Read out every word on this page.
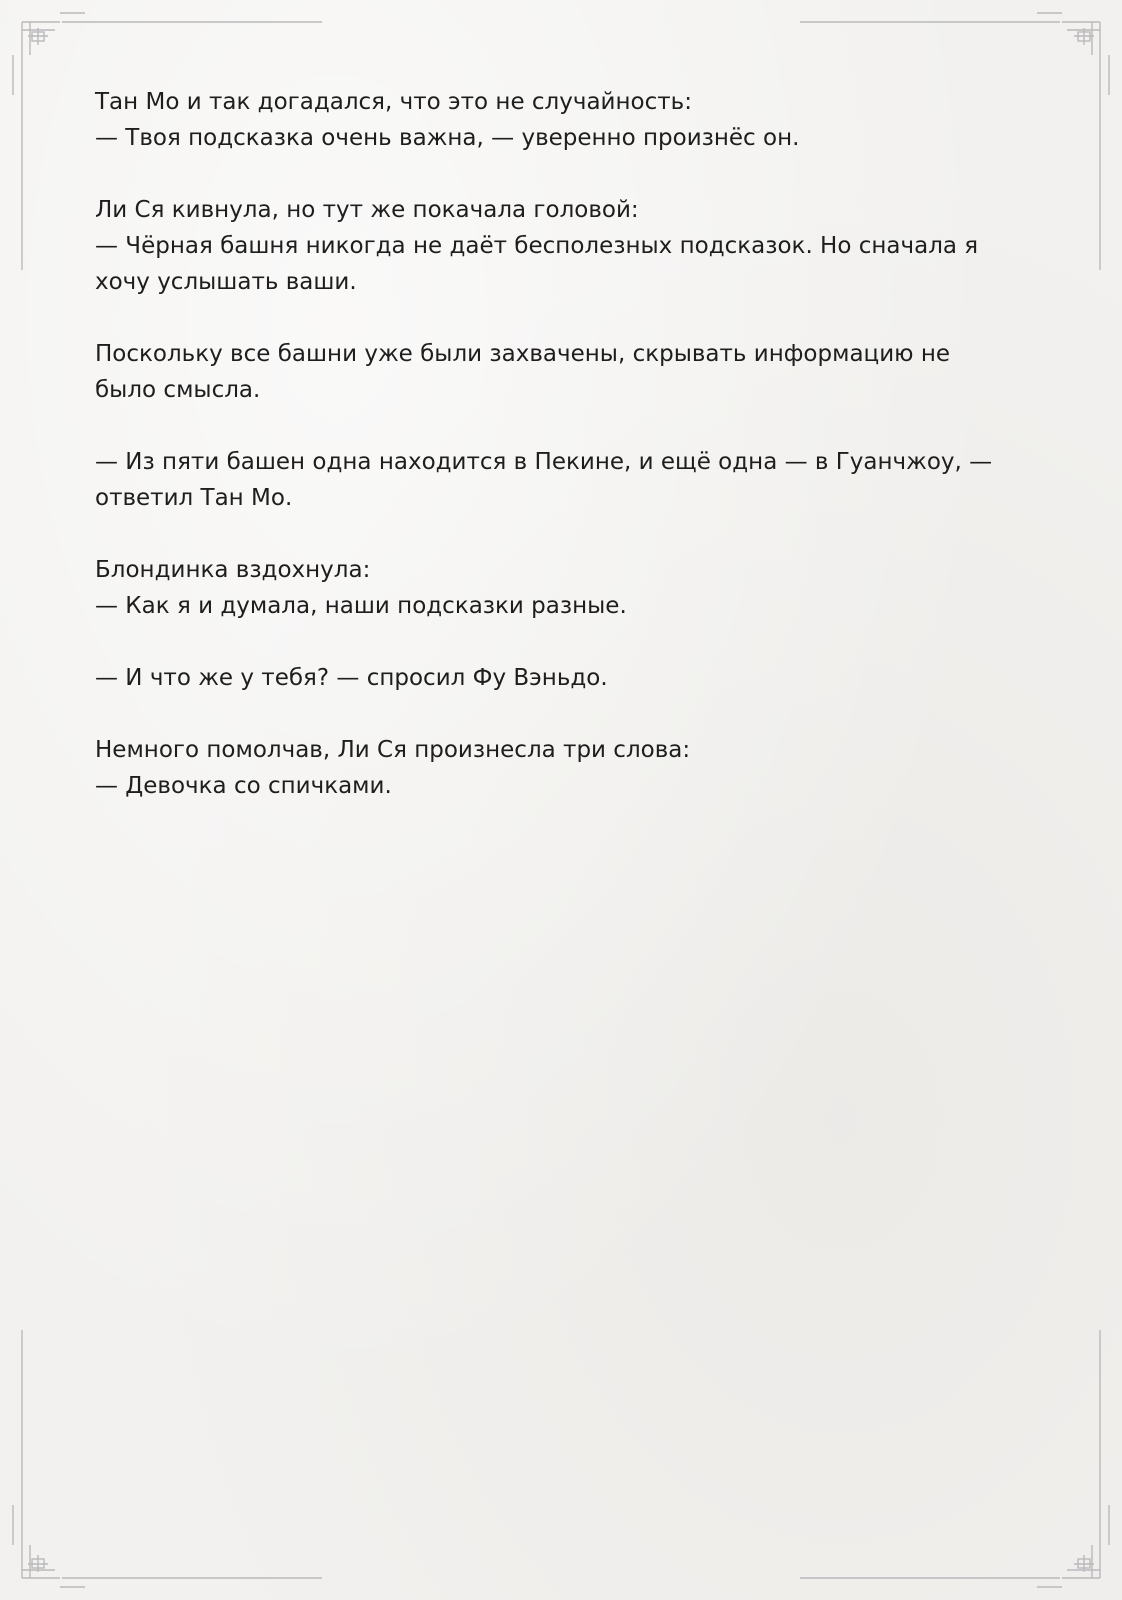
Тан Мо и так догадался, что это не случайность:
— Твоя подсказка очень важна, — уверенно произнёс он.

Ли Ся кивнула, но тут же покачала головой:
— Чёрная башня никогда не даёт бесполезных подсказок. Но сначала я
хочу услышать ваши.

Поскольку все башни уже были захвачены, скрывать информацию не
было смысла.

— Из пяти башен одна находится в Пекине, и ещё одна — в Гуанчжоу, —
ответил Тан Мо.

Блондинка вздохнула:
— Как я и думала, наши подсказки разные.

— И что же у тебя? — спросил Фу Вэньдо.

Немного помолчав, Ли Ся произнесла три слова:
— Девочка со спичками.
